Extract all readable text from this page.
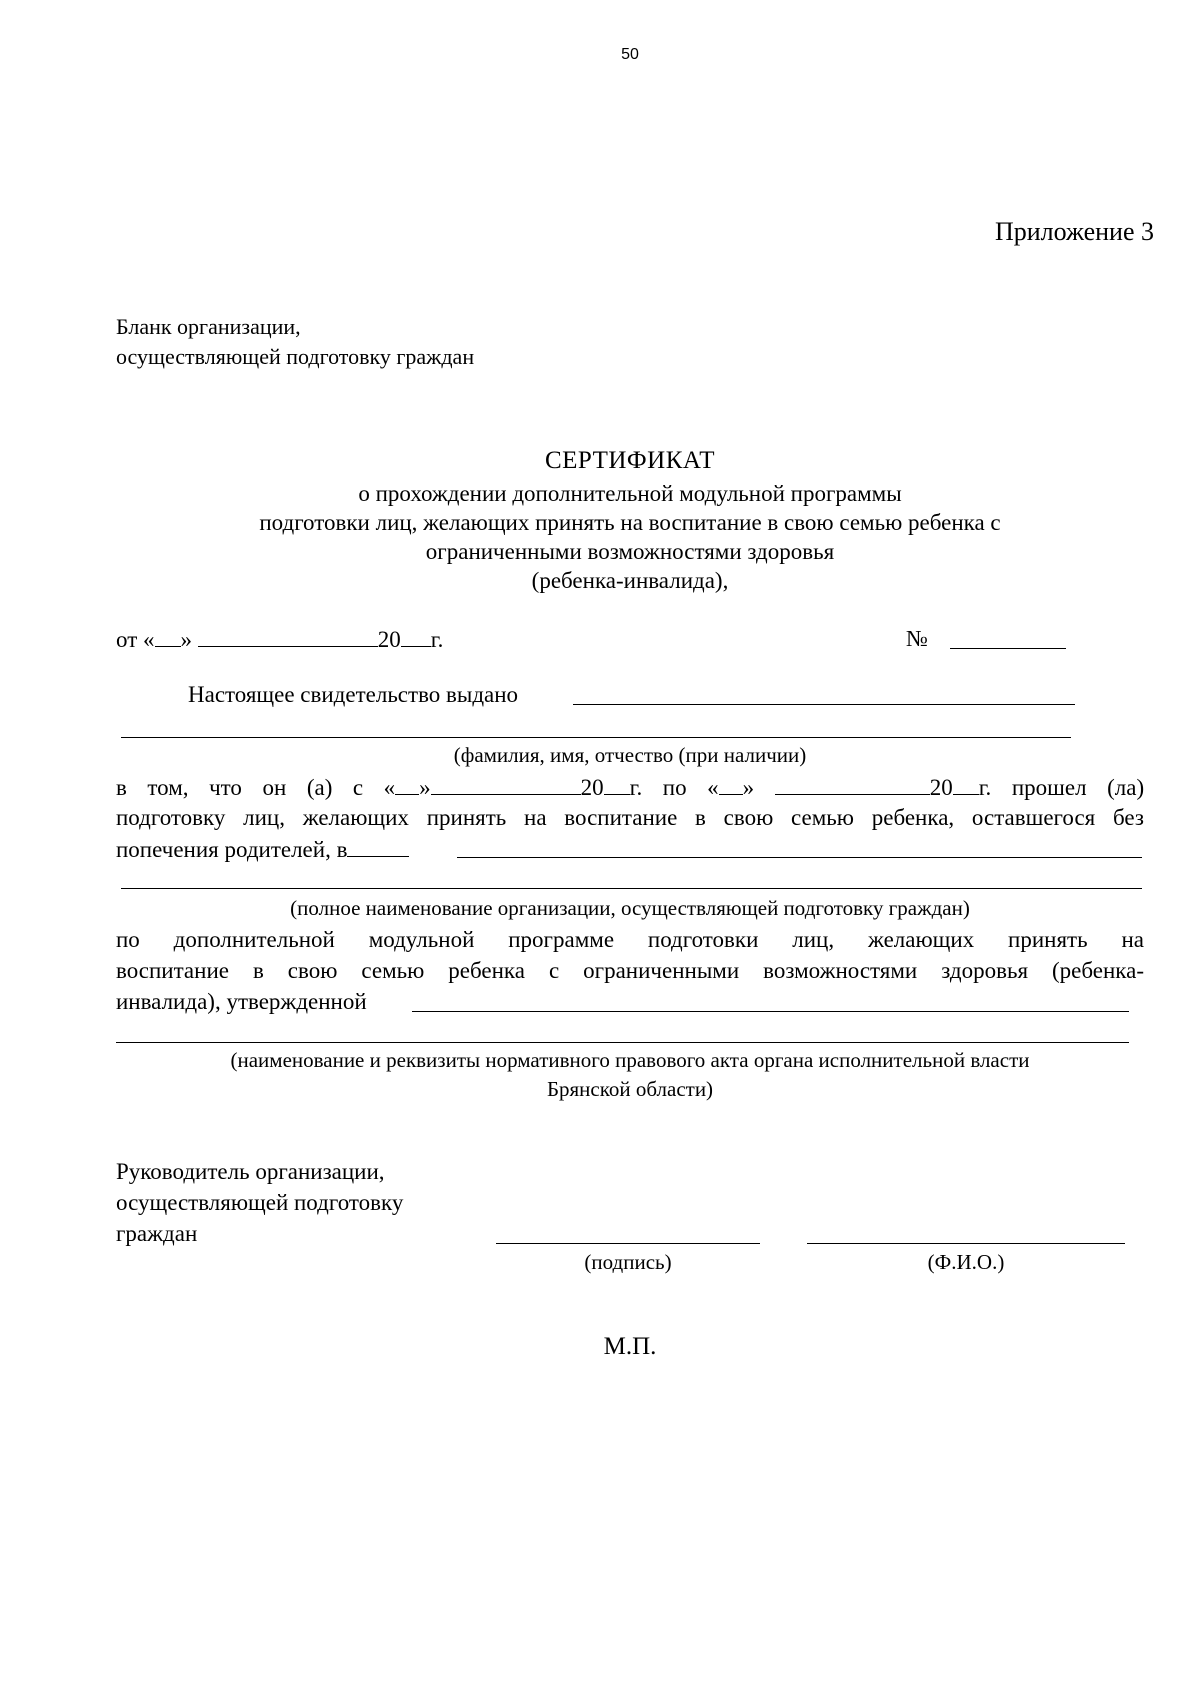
50
Приложение 3
Бланк организации,
осуществляющей подготовку граждан
СЕРТИФИКАТ
о прохождении дополнительной модульной программы
подготовки лиц, желающих принять на воспитание в свою семью ребенка с
ограниченными возможностями здоровья
(ребенка-инвалида),
от « »	20 г.	№
Настоящее свидетельство выдано
(фамилия, имя, отчество (при наличии)
в том, что он (а) с « »	20 г. по « »	20 г. прошел (ла)
подготовку лиц, желающих принять на воспитание в свою семью ребенка, оставшегося без
попечения родителей, в
(полное наименование организации, осуществляющей подготовку граждан)
по дополнительной модульной программе подготовки лиц, желающих принять на
воспитание в свою семью ребенка с ограниченными возможностями здоровья (ребенка-
инвалида), утвержденной
(наименование и реквизиты нормативного правового акта органа исполнительной власти
Брянской области)
Руководитель организации,
осуществляющей подготовку
граждан
(подпись)	(Ф.И.О.)
М.П.
